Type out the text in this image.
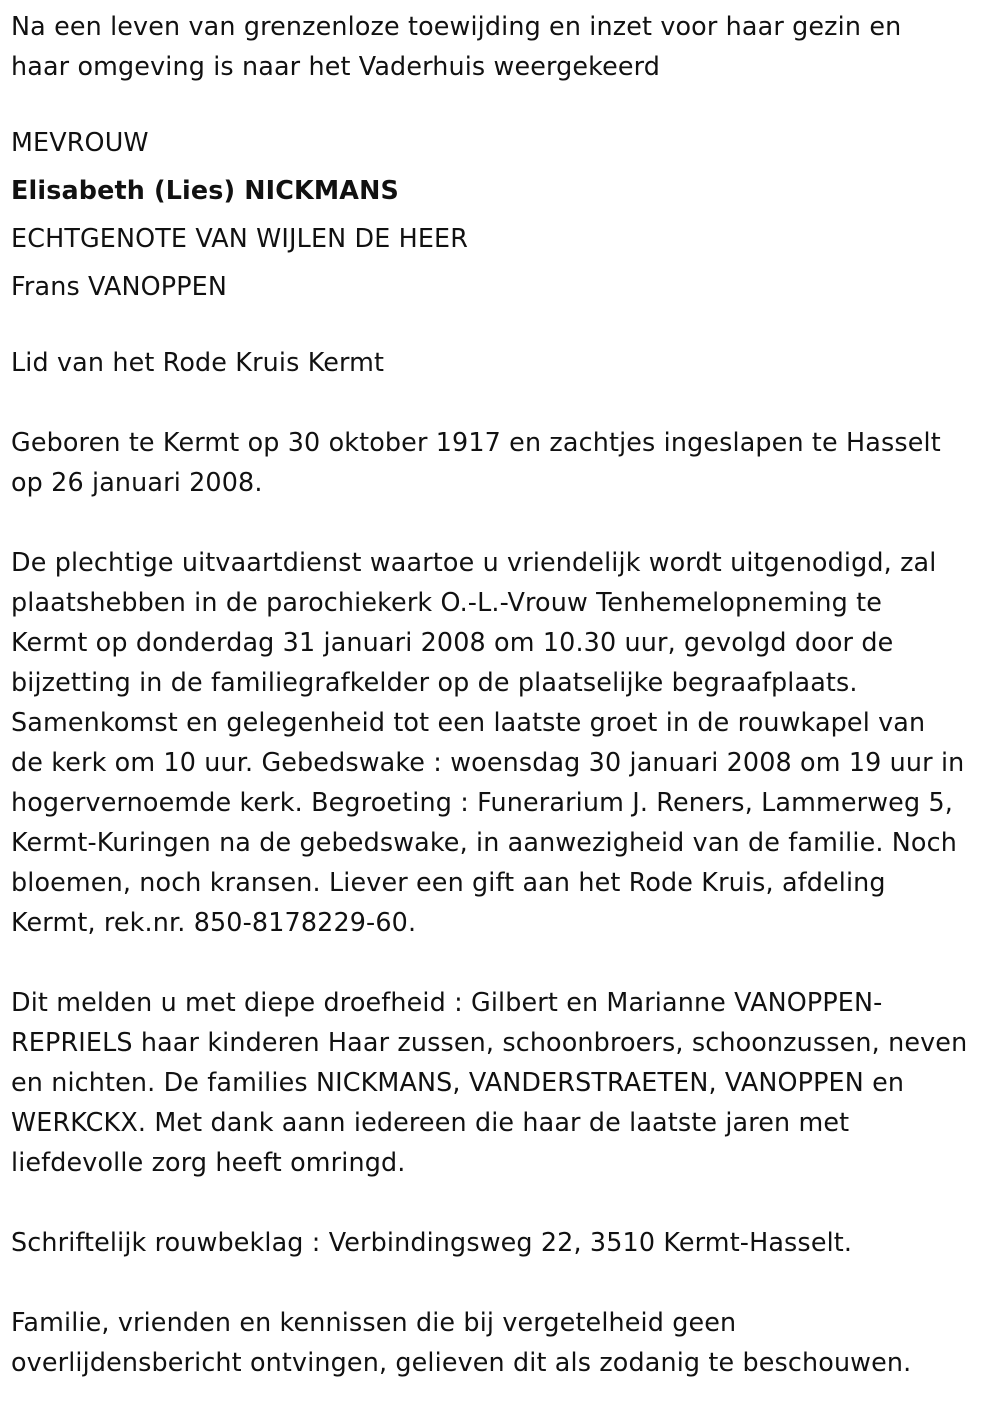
Na een leven van grenzenloze toewijding en inzet voor haar gezin en

haar omgeving is naar het Vaderhuis weergekeerd

MEVROUW

Elisabeth (Lies) NICKMANS

ECHTGENOTE VAN WIJLEN DE HEER

Frans VANOPPEN

Lid van het Rode Kruis Kermt

Geboren te Kermt op 30 oktober 1917 en zachtjes ingeslapen te Hasselt

op 26 januari 2008.

De plechtige uitvaartdienst waartoe u vriendelijk wordt uitgenodigd, zal

plaatshebben in de parochiekerk O.-L.-Vrouw Tenhemelopneming te

Kermt op donderdag 31 januari 2008 om 10.30 uur, gevolgd door de

bijzetting in de familiegrafkelder op de plaatselijke begraafplaats.

Samenkomst en gelegenheid tot een laatste groet in de rouwkapel van

de kerk om 10 uur. Gebedswake : woensdag 30 januari 2008 om 19 uur in

hogervernoemde kerk. Begroeting : Funerarium J. Reners, Lammerweg 5,

Kermt-Kuringen na de gebedswake, in aanwezigheid van de familie. Noch

bloemen, noch kransen. Liever een gift aan het Rode Kruis, afdeling

Kermt, rek.nr. 850-8178229-60.

Dit melden u met diepe droefheid : Gilbert en Marianne VANOPPEN-

REPRIELS haar kinderen Haar zussen, schoonbroers, schoonzussen, neven

en nichten. De families NICKMANS, VANDERSTRAETEN, VANOPPEN en

WERKCKX. Met dank aann iedereen die haar de laatste jaren met

liefdevolle zorg heeft omringd.

Schriftelijk rouwbeklag : Verbindingsweg 22, 3510 Kermt-Hasselt.

Familie, vrienden en kennissen die bij vergetelheid geen

overlijdensbericht ontvingen, gelieven dit als zodanig te beschouwen.
